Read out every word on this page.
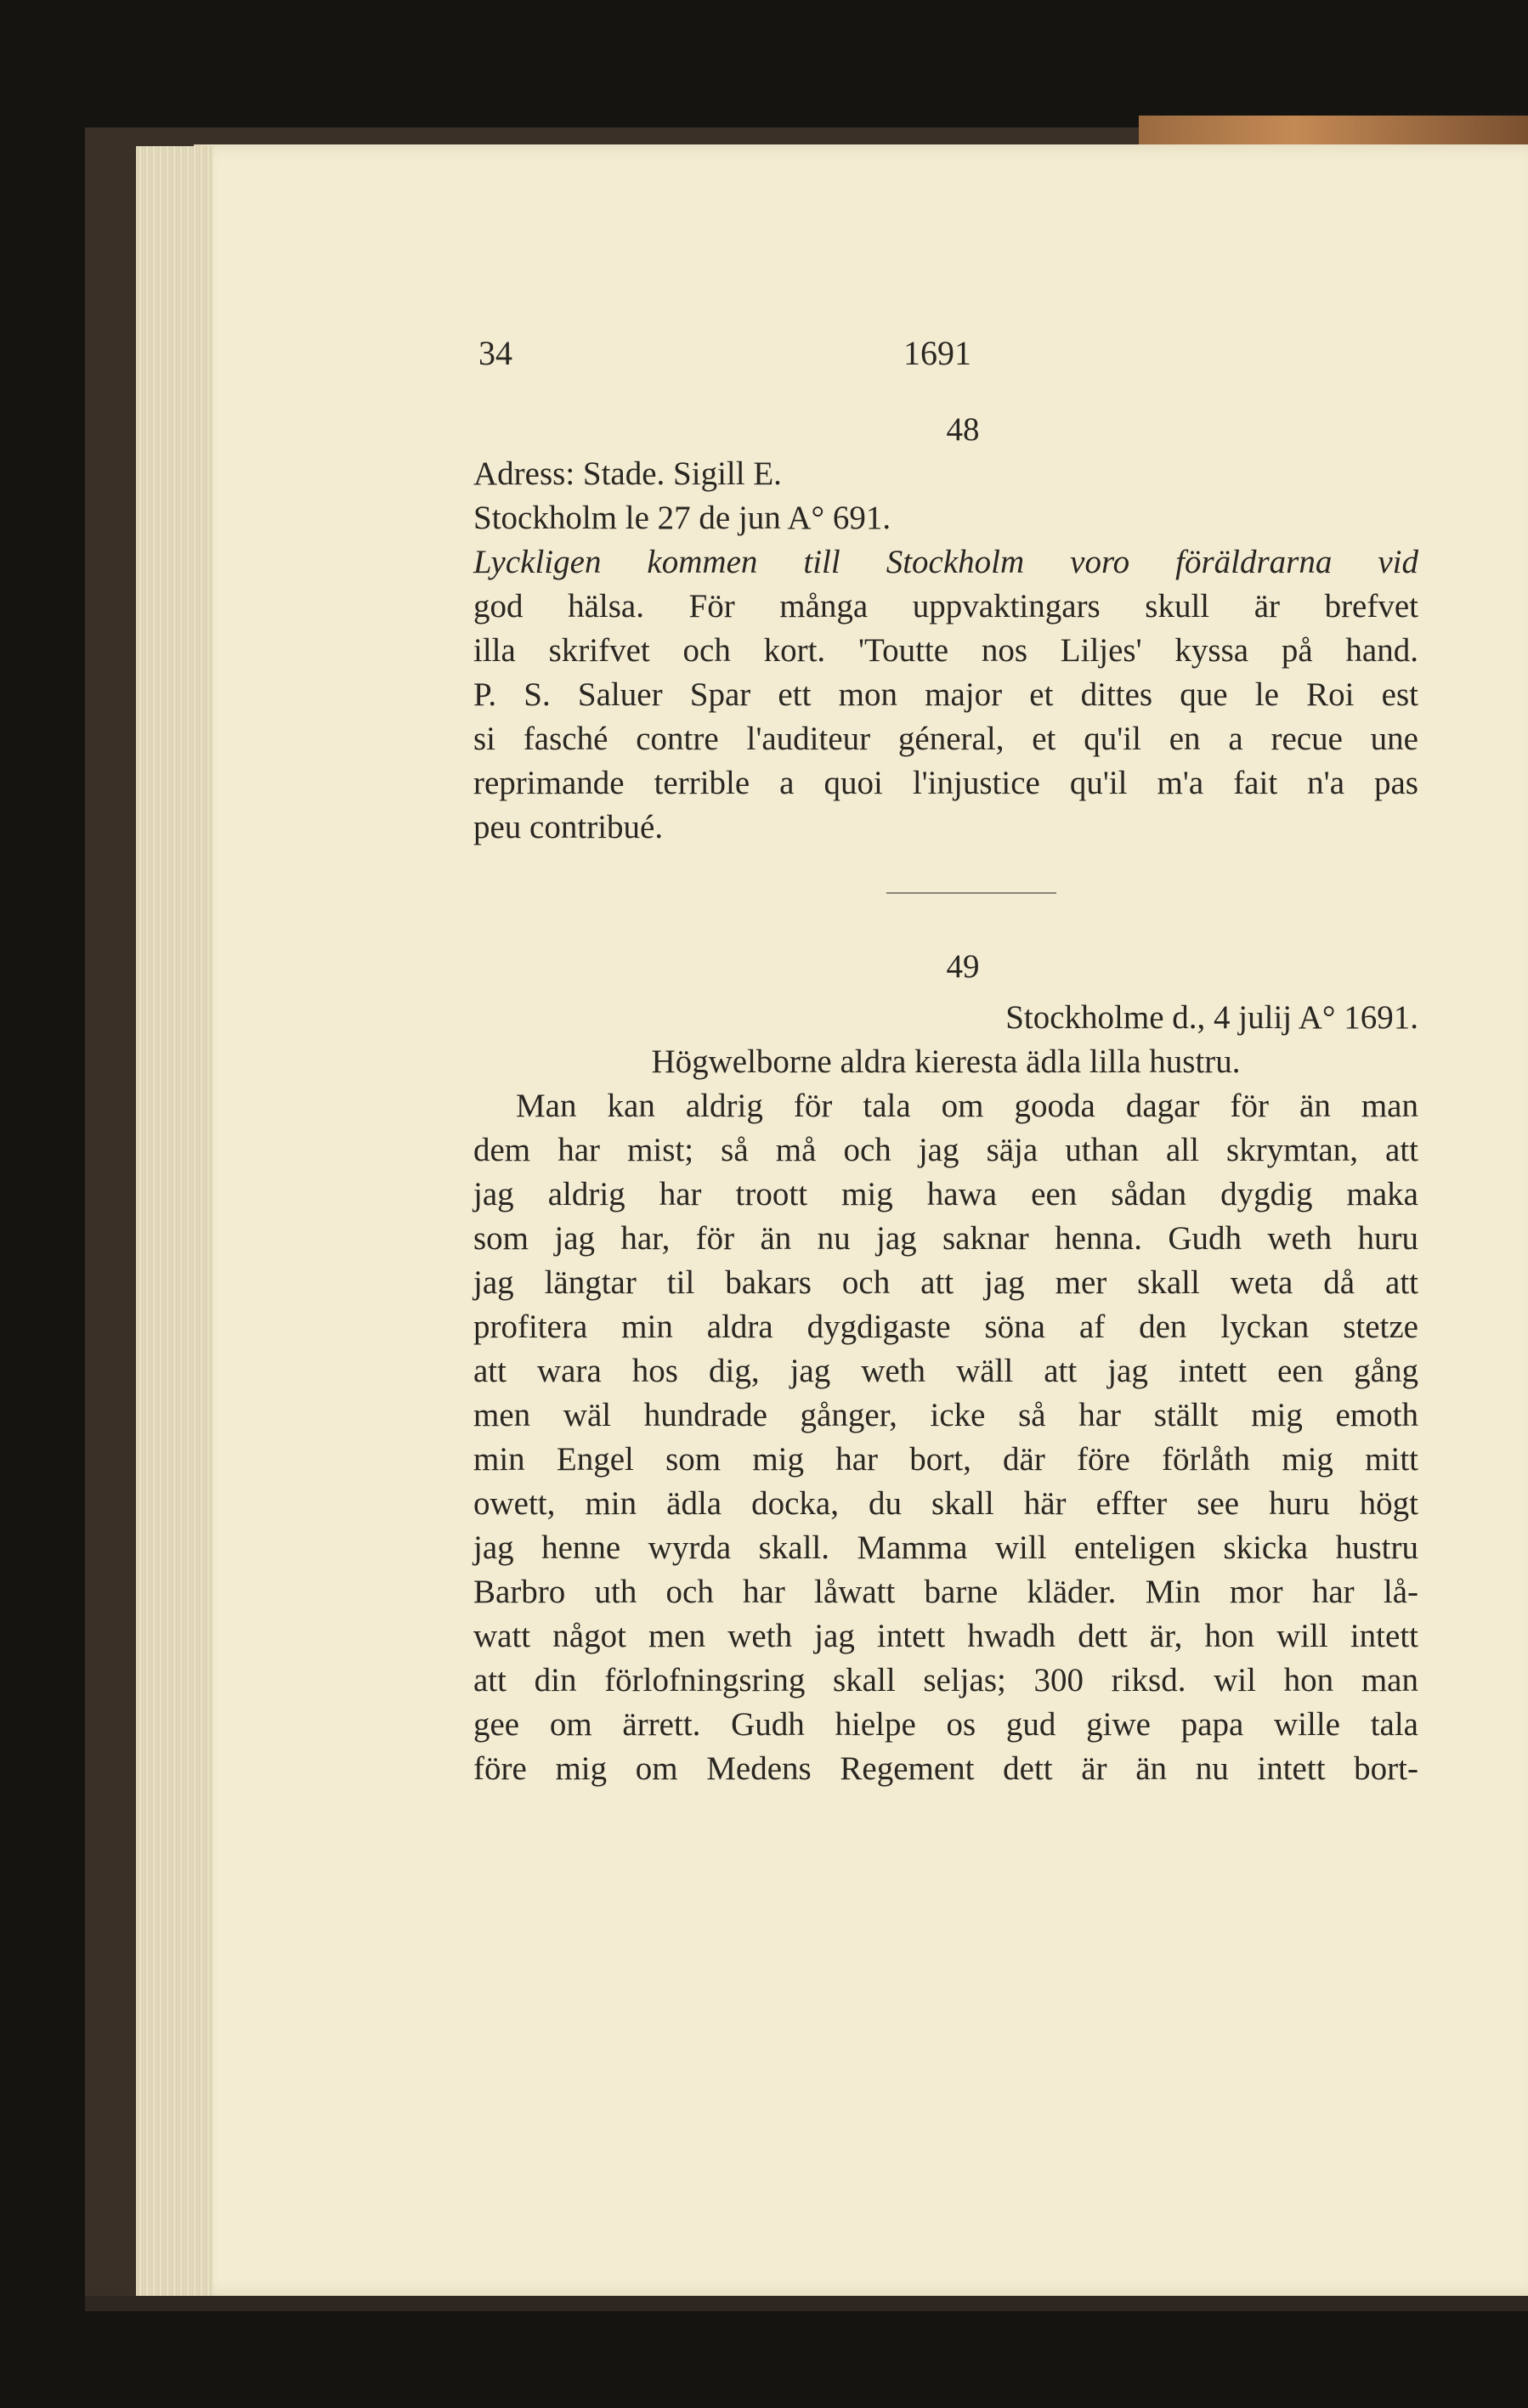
34	1691
48
Adress: Stade. Sigill E.
Stockholm le 27 de jun A° 691.
Lyckligen kommen till Stockholm voro föräldrarna vid
god hälsa. För många uppvaktingars skull är brefvet
illa skrifvet och kort. 'Toutte nos Liljes' kyssa på hand.
P. S. Saluer Spar ett mon major et dittes que le Roi est
si fasché contre l'auditeur géneral, et qu'il en a recue une
reprimande terrible a quoi l'injustice qu'il m'a fait n'a pas
peu contribué.
49
Stockholme d., 4 julij A° 1691.
Högwelborne aldra kieresta ädla lilla hustru.
Man kan aldrig för tala om gooda dagar för än man
dem har mist; så må och jag säja uthan all skrymtan, att
jag aldrig har troott mig hawa een sådan dygdig maka
som jag har, för än nu jag saknar henna. Gudh weth huru
jag längtar til bakars och att jag mer skall weta då att
profitera min aldra dygdigaste söna af den lyckan stetze
att wara hos dig, jag weth wäll att jag intett een gång
men wäl hundrade gånger, icke så har ställt mig emoth
min Engel som mig har bort, där före förlåth mig mitt
owett, min ädla docka, du skall här effter see huru högt
jag henne wyrda skall. Mamma will enteligen skicka hustru
Barbro uth och har låwatt barne kläder. Min mor har lå-
watt något men weth jag intett hwadh dett är, hon will intett
att din förlofningsring skall seljas; 300 riksd. wil hon man
gee om ärrett. Gudh hielpe os gud giwe papa wille tala
före mig om Medens Regement dett är än nu intett bort-
